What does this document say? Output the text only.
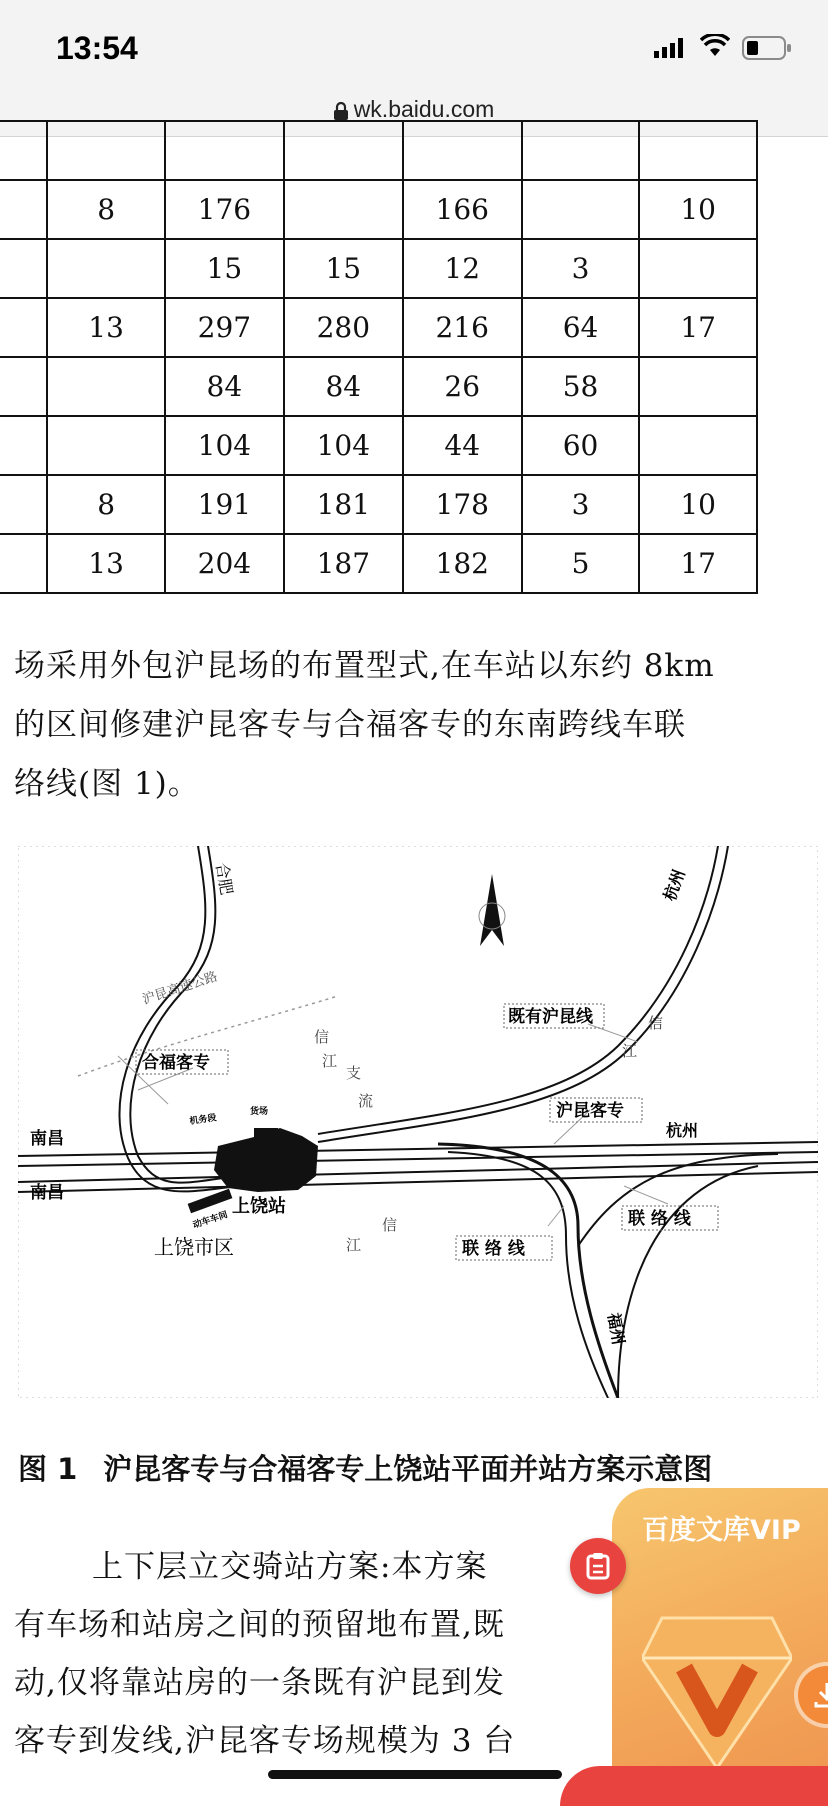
13:54
wk.baidu.com

	8	176		166		10
		15	15	12	3	
	13	297	280	216	64	17
		84	84	26	58	
		104	104	44	60	
	8	191	181	178	3	10
	13	204	187	182	5	17
场采用外包沪昆场的布置型式,在车站以东约 8km
的区间修建沪昆客专与合福客专的东南跨线车联
络线(图 1)。
合肥	杭州
沪昆高速公路
既有沪昆线
合福客专
信
江
信
江
支
流	沪昆客专
杭州
南昌
南昌
机务段
货场
上饶站
动车车间
上饶市区
信
江	联 络 线
联 络 线
福州
图 1 沪昆客专与合福客专上饶站平面并站方案示意图
上下层立交骑站方案:本方案
有车场和站房之间的预留地布置,既
动,仅将靠站房的一条既有沪昆到发
客专到发线,沪昆客专场规模为 3 台
百度文库VIP
